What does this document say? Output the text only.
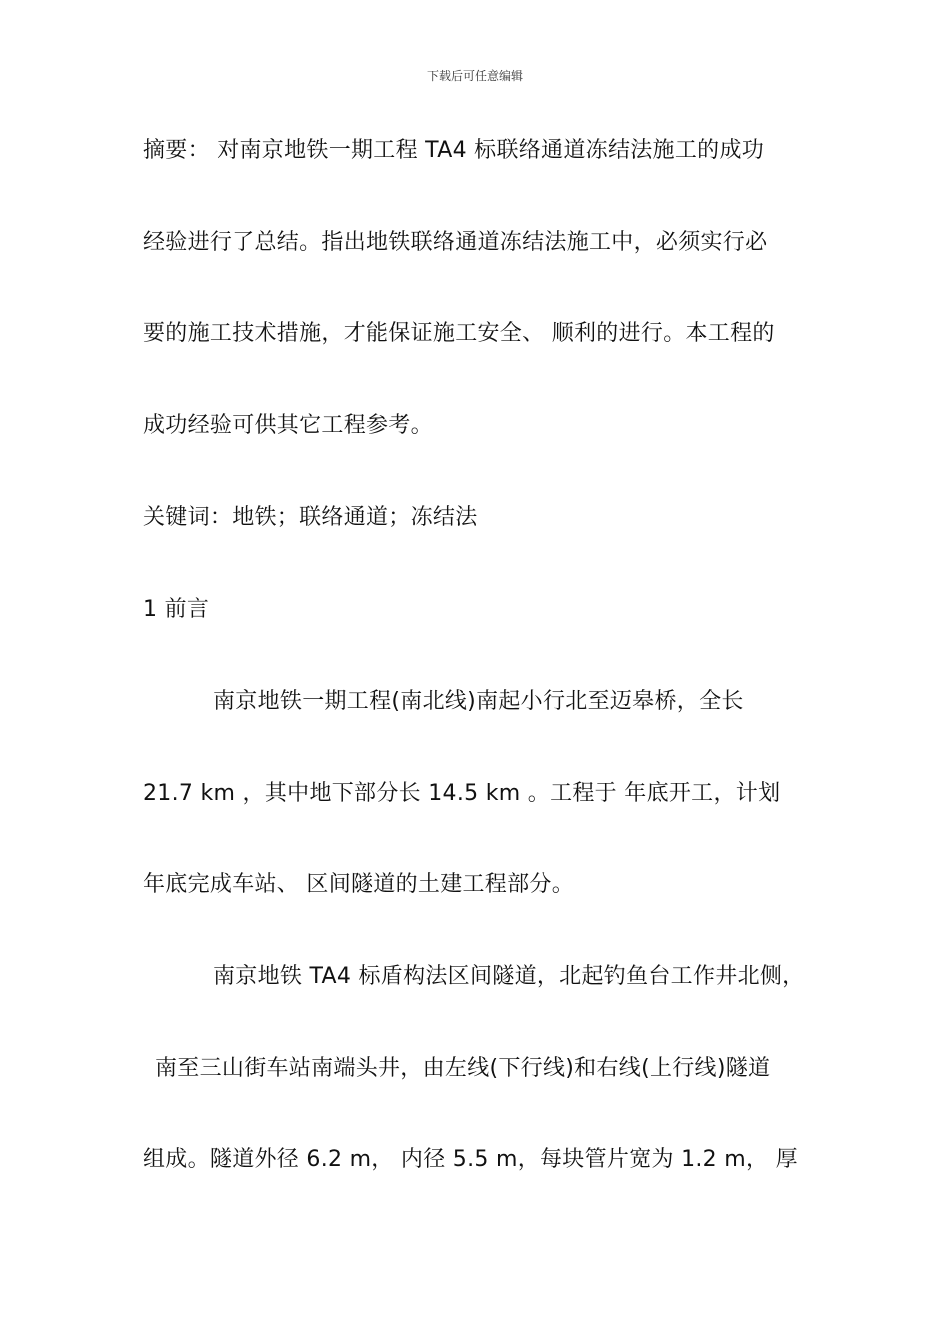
下载后可任意编辑
摘要： 对南京地铁一期工程 TA4 标联络通道冻结法施工的成功
经验进行了总结。指出地铁联络通道冻结法施工中，必须实行必
要的施工技术措施，才能保证施工安全、 顺利的进行。本工程的
成功经验可供其它工程参考。
关键词：地铁；联络通道；冻结法
1 前言
南京地铁一期工程(南北线)南起小行北至迈皋桥，全长
21.7 km ，其中地下部分长 14.5 km 。工程于 年底开工，计划
年底完成车站、 区间隧道的土建工程部分。
南京地铁 TA4 标盾构法区间隧道，北起钓鱼台工作井北侧，
南至三山街车站南端头井，由左线(下行线)和右线(上行线)隧道
组成。隧道外径 6.2 m， 内径 5.5 m，每块管片宽为 1.2 m， 厚
